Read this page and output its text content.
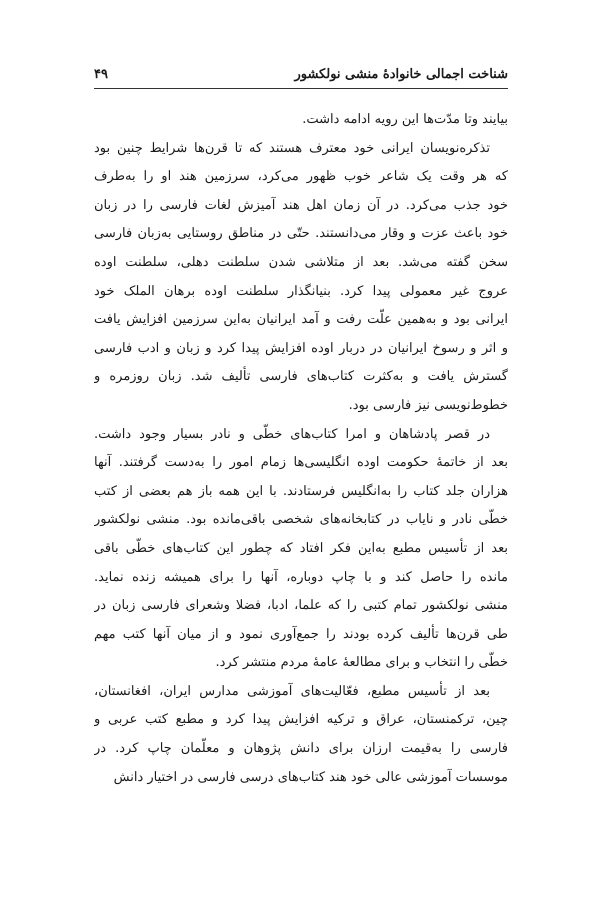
شناخت اجمالی خانوادهٔ منشی نولکشور
۴۹
بیایند وتا مدّت‌ها این رویه ادامه داشت.
تذکره‌نویسان ایرانی خود معترف هستند که تا قرن‌ها شرایط چنین بود
که هر وقت یک شاعر خوب ظهور می‌کرد، سرزمین هند او را به‌طرف
خود جذب می‌کرد. در آن زمان اهل هند آمیزش لغات فارسی را در زبان
خود باعث عزت و وقار می‌دانستند. حتّی در مناطق روستایی به‌زبان فارسی
سخن گفته می‌شد. بعد از متلاشی شدن سلطنت دهلی، سلطنت اوده
عروج غیر معمولی پیدا کرد. بنیانگذار سلطنت اوده برهان الملک خود
ایرانی بود و به‌همین علّت رفت و آمد ایرانیان به‌این سرزمین افزایش یافت
و اثر و رسوخ ایرانیان در دربار اوده افزایش پیدا کرد و زبان و ادب فارسی
گسترش یافت و به‌کثرت کتاب‌های فارسی تألیف شد. زبان روزمره و
خطوط‌نویسی نیز فارسی بود.
در قصر پادشاهان و امرا کتاب‌های خطّی و نادر بسیار وجود داشت.
بعد از خاتمهٔ حکومت اوده انگلیسی‌ها زمام امور را به‌دست گرفتند. آنها
هزاران جلد کتاب را به‌انگلیس فرستادند. با این همه باز هم بعضی از کتب
خطّی نادر و نایاب در کتابخانه‌های شخصی باقی‌مانده بود. منشی نولکشور
بعد از تأسیس مطبع به‌این فکر افتاد که چطور این کتاب‌های خطّی باقی
مانده را حاصل کند و با چاپ دوباره، آنها را برای همیشه زنده نماید.
منشی نولکشور تمام کتبی را که علما، ادبا، فضلا وشعرای فارسی زبان در
طی قرن‌ها تألیف کرده بودند را جمع‌آوری نمود و از میان آنها کتب مهم
خطّی را انتخاب و برای مطالعهٔ عامهٔ مردم منتشر کرد.
بعد از تأسیس مطبع، فعّالیت‌های آموزشی مدارس ایران، افغانستان،
چین، ترکمنستان، عراق و ترکیه افزایش پیدا کرد و مطبع کتب عربی و
فارسی را به‌قیمت ارزان برای دانش پژوهان و معلّمان چاپ کرد. در
موسسات آموزشی عالی خود هند کتاب‌های درسی فارسی در اختیار دانش
